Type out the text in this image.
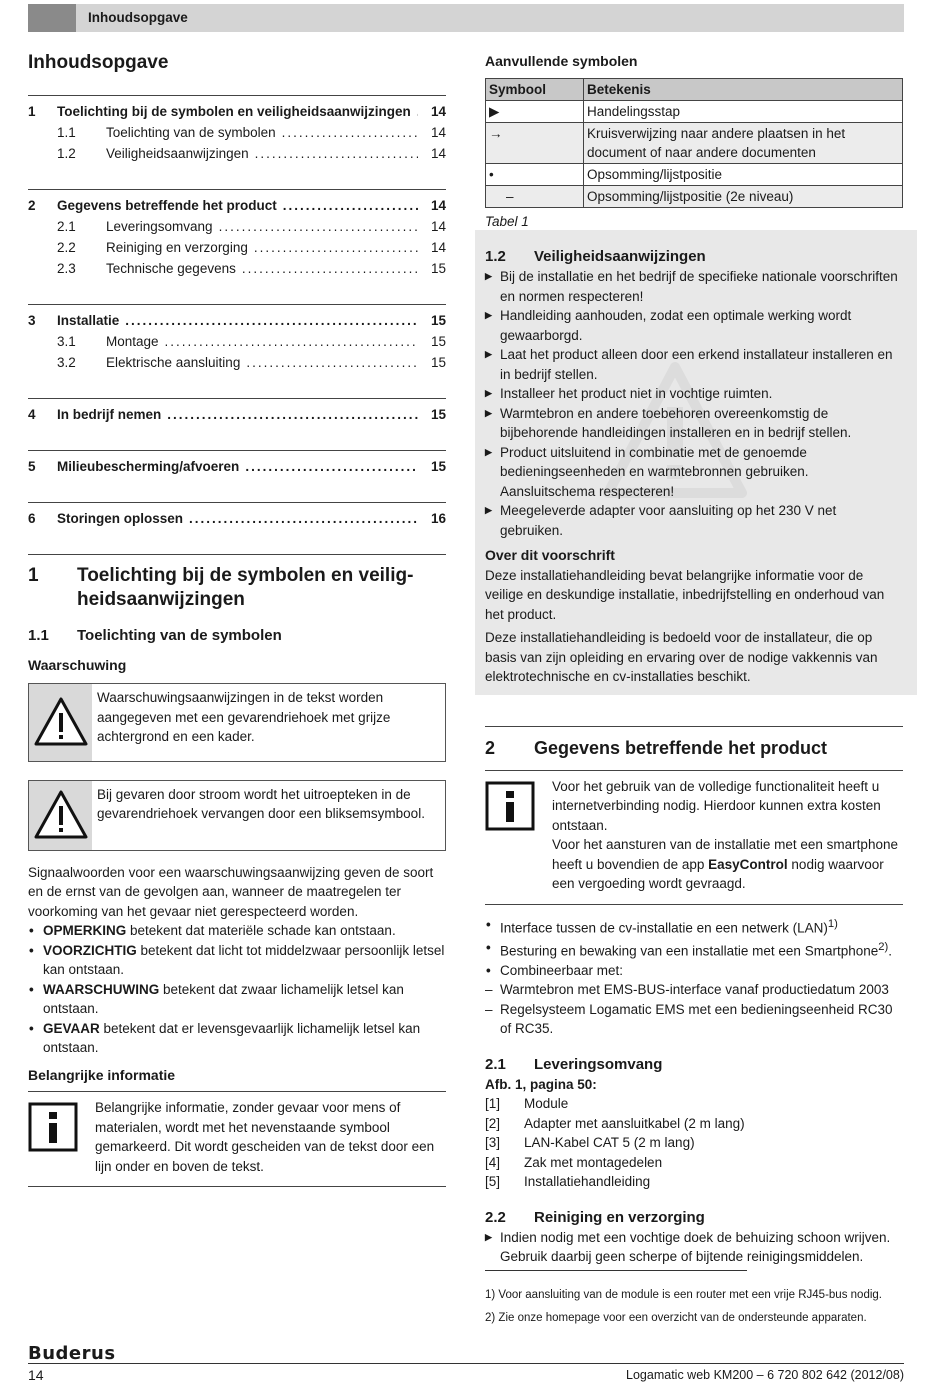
Inhoudsopgave
Inhoudsopgave
1	Toelichting bij de symbolen en veiligheidsaanwijzingen .....	14
1.1	Toelichting van de symbolen .....	14
1.2	Veiligheidsaanwijzingen .....	14
2	Gegevens betreffende het product .....	14
2.1	Leveringsomvang .....	14
2.2	Reiniging en verzorging .....	14
2.3	Technische gegevens .....	15
3	Installatie .....	15
3.1	Montage .....	15
3.2	Elektrische aansluiting .....	15
4	In bedrijf nemen .....	15
5	Milieubescherming/afvoeren .....	15
6	Storingen oplossen .....	16
1	Toelichting bij de symbolen en veilig-
heidsaanwijzingen
1.1	Toelichting van de symbolen
Waarschuwing
Waarschuwingsaanwijzingen in de tekst worden aangegeven met een gevarendriehoek met grijze achtergrond en een kader.
Bij gevaren door stroom wordt het uitroepteken in de gevarendriehoek vervangen door een bliksemsymbool.
Signaalwoorden voor een waarschuwingsaanwijzing geven de soort en de ernst van de gevolgen aan, wanneer de maatregelen ter voorkoming van het gevaar niet gerespecteerd worden.
• OPMERKING betekent dat materiële schade kan ontstaan.
• VOORZICHTIG betekent dat licht tot middelzwaar persoonlijk letsel kan ontstaan.
• WAARSCHUWING betekent dat zwaar lichamelijk letsel kan ontstaan.
• GEVAAR betekent dat er levensgevaarlijk lichamelijk letsel kan ontstaan.
Belangrijke informatie
Belangrijke informatie, zonder gevaar voor mens of materialen, wordt met het nevenstaande symbool gemarkeerd. Dit wordt gescheiden van de tekst door een lijn onder en boven de tekst.
Aanvullende symbolen
Symbool	Betekenis
▶	Handelingsstap
→	Kruisverwijzing naar andere plaatsen in het document of naar andere documenten
•	Opsomming/lijstpositie
–	Opsomming/lijstpositie (2e niveau)
Tabel 1
1.2	Veiligheidsaanwijzingen
▶ Bij de installatie en het bedrijf de specifieke nationale voorschriften en normen respecteren!
▶ Handleiding aanhouden, zodat een optimale werking wordt gewaarborgd.
▶ Laat het product alleen door een erkend installateur installeren en in bedrijf stellen.
▶ Installeer het product niet in vochtige ruimten.
▶ Warmtebron en andere toebehoren overeenkomstig de bijbehorende handleidingen installeren en in bedrijf stellen.
▶ Product uitsluitend in combinatie met de genoemde bedieningseenheden en warmtebronnen gebruiken. Aansluitschema respecteren!
▶ Meegeleverde adapter voor aansluiting op het 230 V net gebruiken.
Over dit voorschrift
Deze installatiehandleiding bevat belangrijke informatie voor de veilige en deskundige installatie, inbedrijfstelling en onderhoud van het product.
Deze installatiehandleiding is bedoeld voor de installateur, die op basis van zijn opleiding en ervaring over de nodige vakkennis van elektrotechnische en cv-installaties beschikt.
2	Gegevens betreffende het product
Voor het gebruik van de volledige functionaliteit heeft u internetverbinding nodig. Hierdoor kunnen extra kosten ontstaan.
Voor het aansturen van de installatie met een smartphone heeft u bovendien de app EasyControl nodig waarvoor een vergoeding wordt gevraagd.
• Interface tussen de cv-installatie en een netwerk (LAN)$^{1)}$
• Besturing en bewaking van een installatie met een Smartphone$^{2)}$.
• Combineerbaar met:
– Warmtebron met EMS-BUS-interface vanaf productiedatum 2003
– Regelsysteem Logamatic EMS met een bedieningseenheid RC30 of RC35.
2.1	Leveringsomvang
Afb. 1, pagina 50:
[1]	Module
[2]	Adapter met aansluitkabel (2 m lang)
[3]	LAN-Kabel CAT 5 (2 m lang)
[4]	Zak met montagedelen
[5]	Installatiehandleiding
2.2	Reiniging en verzorging
▶ Indien nodig met een vochtige doek de behuizing schoon wrijven. Gebruik daarbij geen scherpe of bijtende reinigingsmiddelen.
1) Voor aansluiting van de module is een router met een vrije RJ45-bus nodig.
2) Zie onze homepage voor een overzicht van de ondersteunde apparaten.
Buderus
14	Logamatic web KM200 – 6 720 802 642 (2012/08)
